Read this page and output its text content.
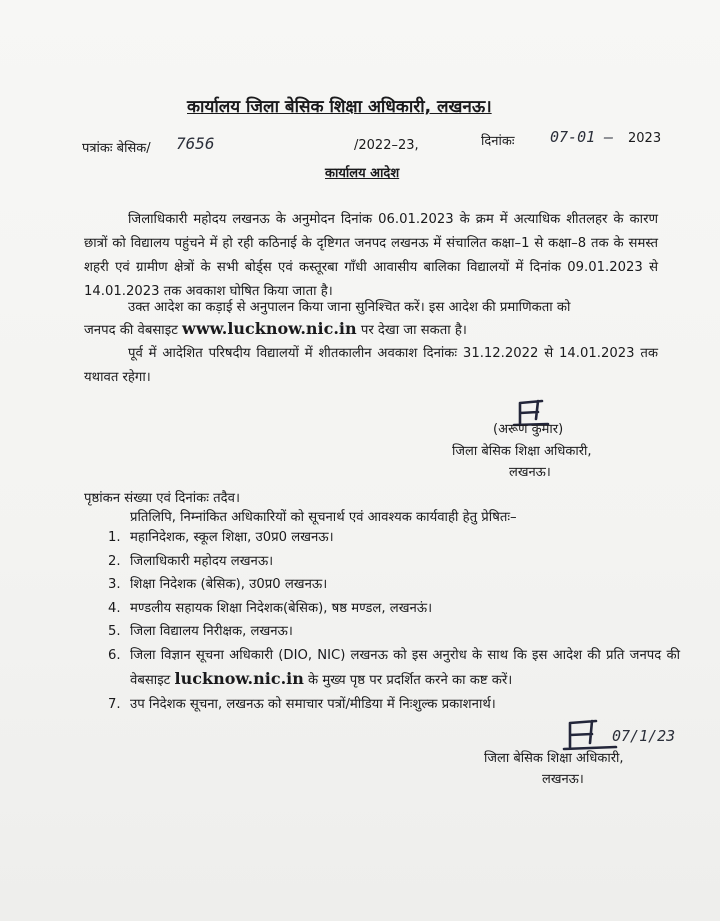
कार्यालय जिला बेसिक शिक्षा अधिकारी, लखनऊ।
पत्रांकः बेसिक/ 7656	/2022–23,	दिनांकः 07-01 — 2023
कार्यालय आदेश
जिलाधिकारी महोदय लखनऊ के अनुमोदन दिनांक 06.01.2023 के क्रम में अत्याधिक शीतलहर के कारण छात्रों को विद्यालय पहुंचने में हो रही कठिनाई के दृष्टिगत जनपद लखनऊ में संचालित कक्षा–1 से कक्षा–8 तक के समस्त शहरी एवं ग्रामीण क्षेत्रों के सभी बोर्ड्स एवं कस्तूरबा गाँधी आवासीय बालिका विद्यालयों में दिनांक 09.01.2023 से 14.01.2023 तक अवकाश घोषित किया जाता है।
उक्त आदेश का कड़ाई से अनुपालन किया जाना सुनिश्चित करें। इस आदेश की प्रमाणिकता को
जनपद की वेबसाइट www.lucknow.nic.in पर देखा जा सकता है।
पूर्व में आदेशित परिषदीय विद्यालयों में शीतकालीन अवकाश दिनांकः 31.12.2022 से 14.01.2023 तक यथावत रहेगा।
(अरूण कुमार)
जिला बेसिक शिक्षा अधिकारी,
लखनऊ।
पृष्ठांकन संख्या एवं दिनांकः तदैव।
प्रतिलिपि, निम्नांकित अधिकारियों को सूचनार्थ एवं आवश्यक कार्यवाही हेतु प्रेषितः–
1. महानिदेशक, स्कूल शिक्षा, उ0प्र0 लखनऊ।
2. जिलाधिकारी महोदय लखनऊ।
3. शिक्षा निदेशक (बेसिक), उ0प्र0 लखनऊ।
4. मण्डलीय सहायक शिक्षा निदेशक(बेसिक), षष्ठ मण्डल, लखनऊं।
5. जिला विद्यालय निरीक्षक, लखनऊ।
6. जिला विज्ञान सूचना अधिकारी (DIO, NIC) लखनऊ को इस अनुरोध के साथ कि इस आदेश की प्रति जनपद की वेबसाइट lucknow.nic.in के मुख्य पृष्ठ पर प्रदर्शित करने का कष्ट करें।
7. उप निदेशक सूचना, लखनऊ को समाचार पत्रों/मीडिया में निःशुल्क प्रकाशनार्थ।
07/1/23
जिला बेसिक शिक्षा अधिकारी,
लखनऊ।
